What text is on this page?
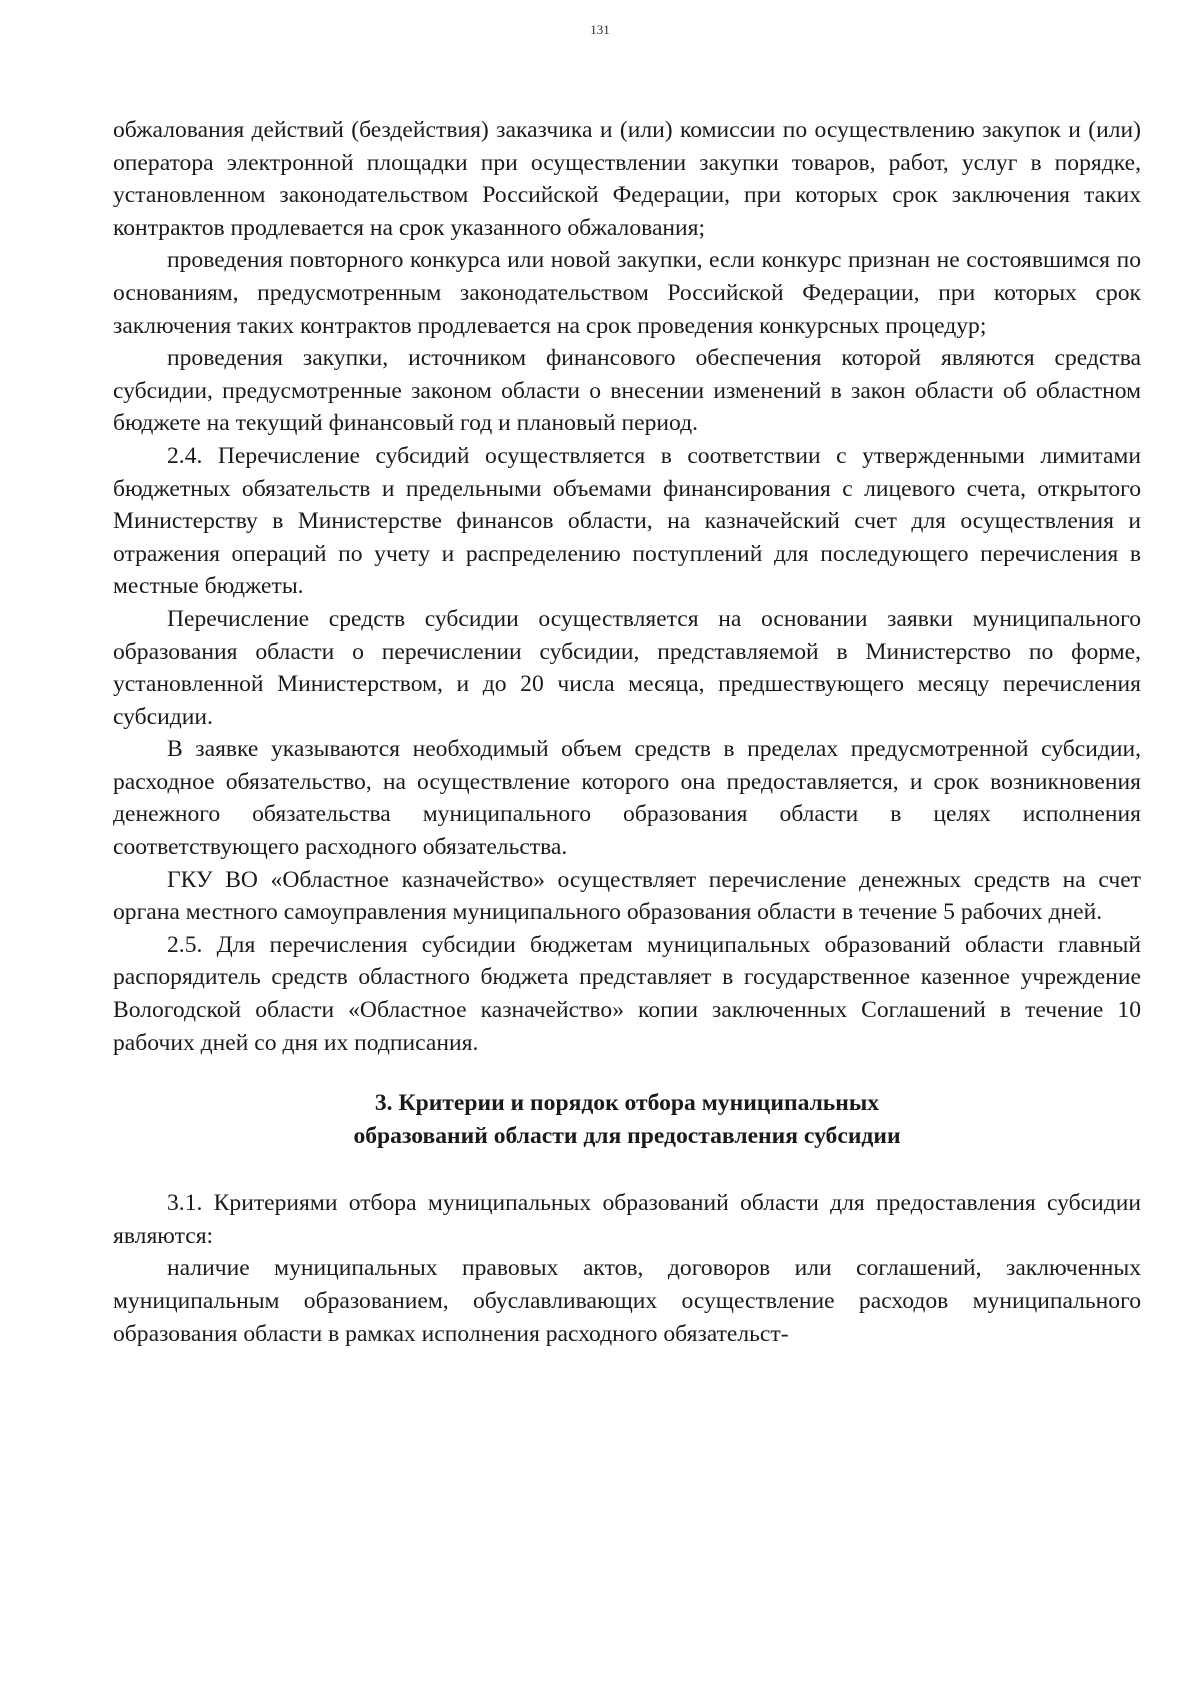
131

обжалования действий (бездействия) заказчика и (или) комиссии по осуществлению закупок и (или) оператора электронной площадки при осуществлении закупки товаров, работ, услуг в порядке, установленном законодательством Российской Федерации, при которых срок заключения таких контрактов продлевается на срок указанного обжалования;

проведения повторного конкурса или новой закупки, если конкурс признан не состоявшимся по основаниям, предусмотренным законодательством Российской Федерации, при которых срок заключения таких контрактов продлевается на срок проведения конкурсных процедур;

проведения закупки, источником финансового обеспечения которой являются средства субсидии, предусмотренные законом области о внесении изменений в закон области об областном бюджете на текущий финансовый год и плановый период.

2.4. Перечисление субсидий осуществляется в соответствии с утвержденными лимитами бюджетных обязательств и предельными объемами финансирования с лицевого счета, открытого Министерству в Министерстве финансов области, на казначейский счет для осуществления и отражения операций по учету и распределению поступлений для последующего перечисления в местные бюджеты.

Перечисление средств субсидии осуществляется на основании заявки муниципального образования области о перечислении субсидии, представляемой в Министерство по форме, установленной Министерством, и до 20 числа месяца, предшествующего месяцу перечисления субсидии.

В заявке указываются необходимый объем средств в пределах предусмотренной субсидии, расходное обязательство, на осуществление которого она предоставляется, и срок возникновения денежного обязательства муниципального образования области в целях исполнения соответствующего расходного обязательства.

ГКУ ВО «Областное казначейство» осуществляет перечисление денежных средств на счет органа местного самоуправления муниципального образования области в течение 5 рабочих дней.

2.5. Для перечисления субсидии бюджетам муниципальных образований области главный распорядитель средств областного бюджета представляет в государственное казенное учреждение Вологодской области «Областное казначейство» копии заключенных Соглашений в течение 10 рабочих дней со дня их подписания.

3. Критерии и порядок отбора муниципальных
образований области для предоставления субсидии

3.1. Критериями отбора муниципальных образований области для предоставления субсидии являются:

наличие муниципальных правовых актов, договоров или соглашений, заключенных муниципальным образованием, обуславливающих осуществление расходов муниципального образования области в рамках исполнения расходного обязательст-
